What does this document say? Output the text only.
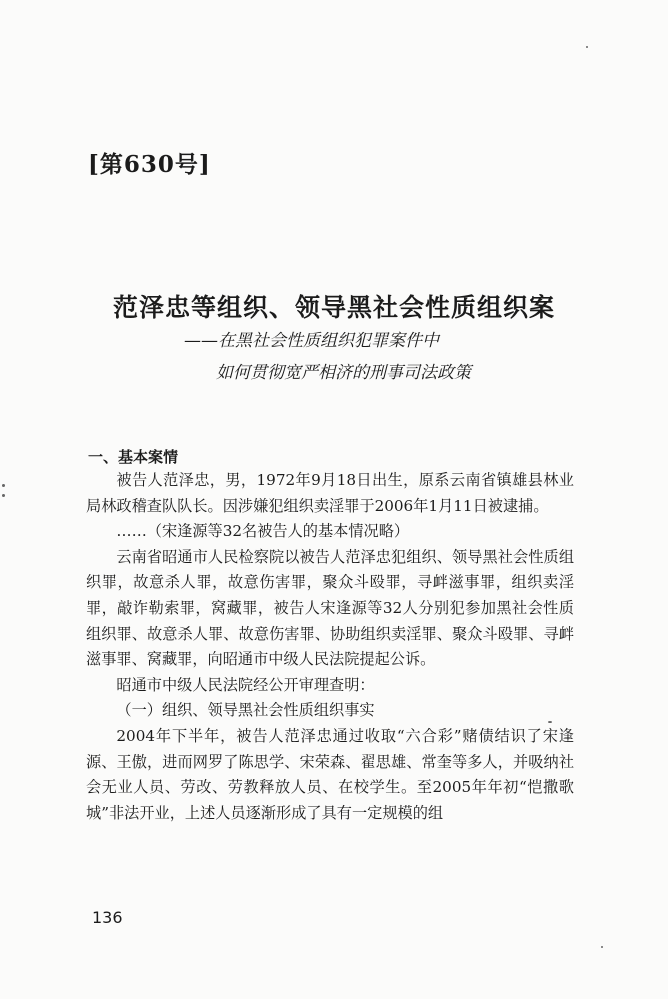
[第630号]
范泽忠等组织、领导黑社会性质组织案
——在黑社会性质组织犯罪案件中
如何贯彻宽严相济的刑事司法政策
一、基本案情

被告人范泽忠，男，1972年9月18日出生，原系云南省镇雄县林业局林政稽查队队长。因涉嫌犯组织卖淫罪于2006年1月11日被逮捕。

……（宋逢源等32名被告人的基本情况略）

云南省昭通市人民检察院以被告人范泽忠犯组织、领导黑社会性质组织罪，故意杀人罪，故意伤害罪，聚众斗殴罪，寻衅滋事罪，组织卖淫罪，敲诈勒索罪，窝藏罪，被告人宋逢源等32人分别犯参加黑社会性质组织罪、故意杀人罪、故意伤害罪、协助组织卖淫罪、聚众斗殴罪、寻衅滋事罪、窝藏罪，向昭通市中级人民法院提起公诉。

昭通市中级人民法院经公开审理查明：

（一）组织、领导黑社会性质组织事实

2004年下半年，被告人范泽忠通过收取“六合彩”赌债结识了宋逢源、王傲，进而网罗了陈思学、宋荣森、翟思雄、常奎等多人，并吸纳社会无业人员、劳改、劳教释放人员、在校学生。至2005年年初“恺撒歌城”非法开业，上述人员逐渐形成了具有一定规模的组

136
